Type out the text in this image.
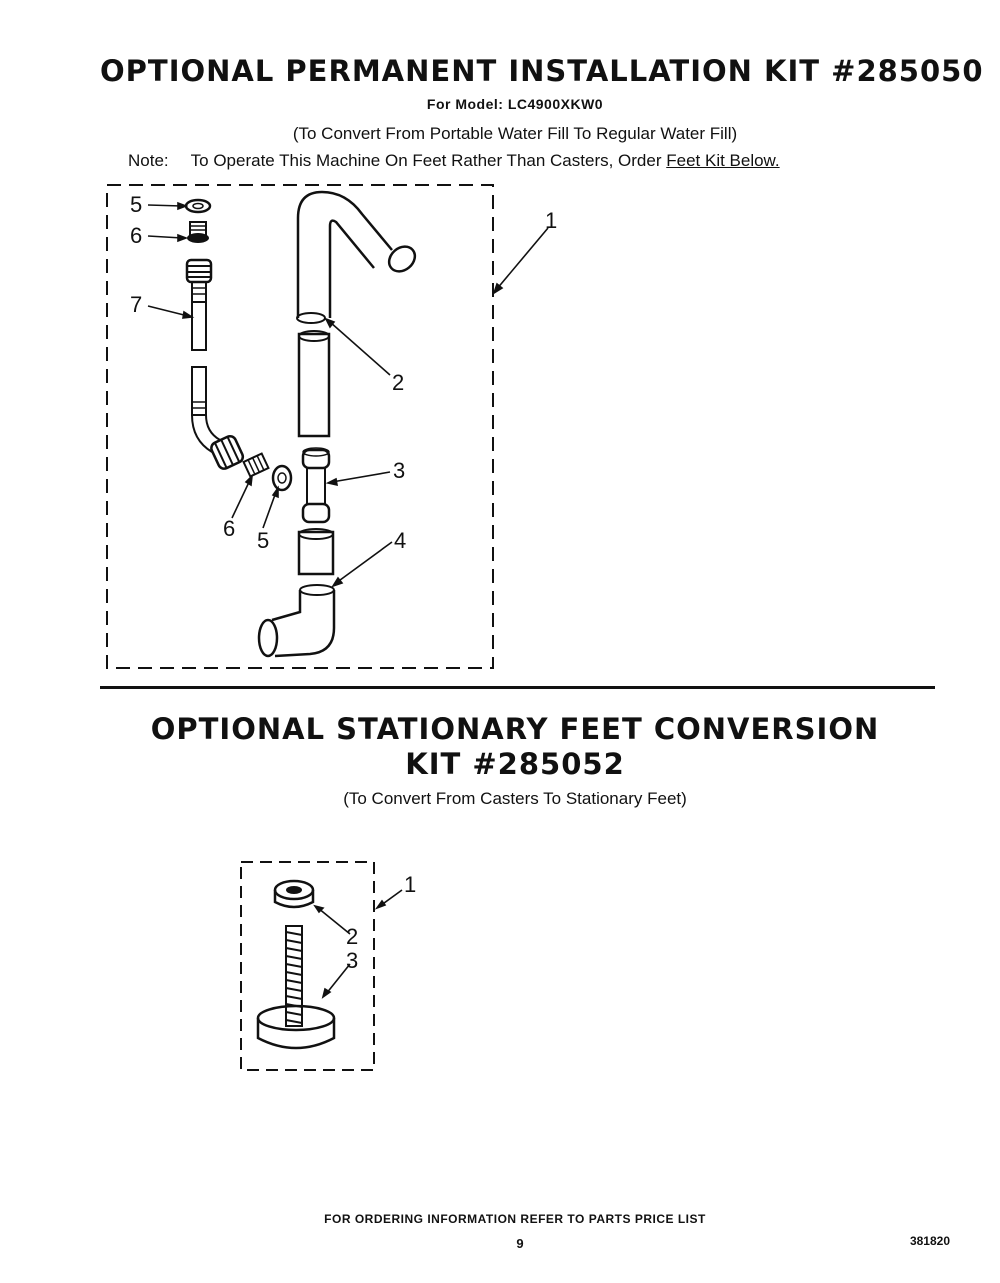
OPTIONAL PERMANENT INSTALLATION KIT #285050
For Model: LC4900XKW0
(To Convert From Portable Water Fill To Regular Water Fill)
Note: To Operate This Machine On Feet Rather Than Casters, Order Feet Kit Below.
5
6
7
1
2
3
4
6 5
OPTIONAL STATIONARY FEET CONVERSION
KIT #285052
(To Convert From Casters To Stationary Feet)
1
2
3
FOR ORDERING INFORMATION REFER TO PARTS PRICE LIST
9	381820
